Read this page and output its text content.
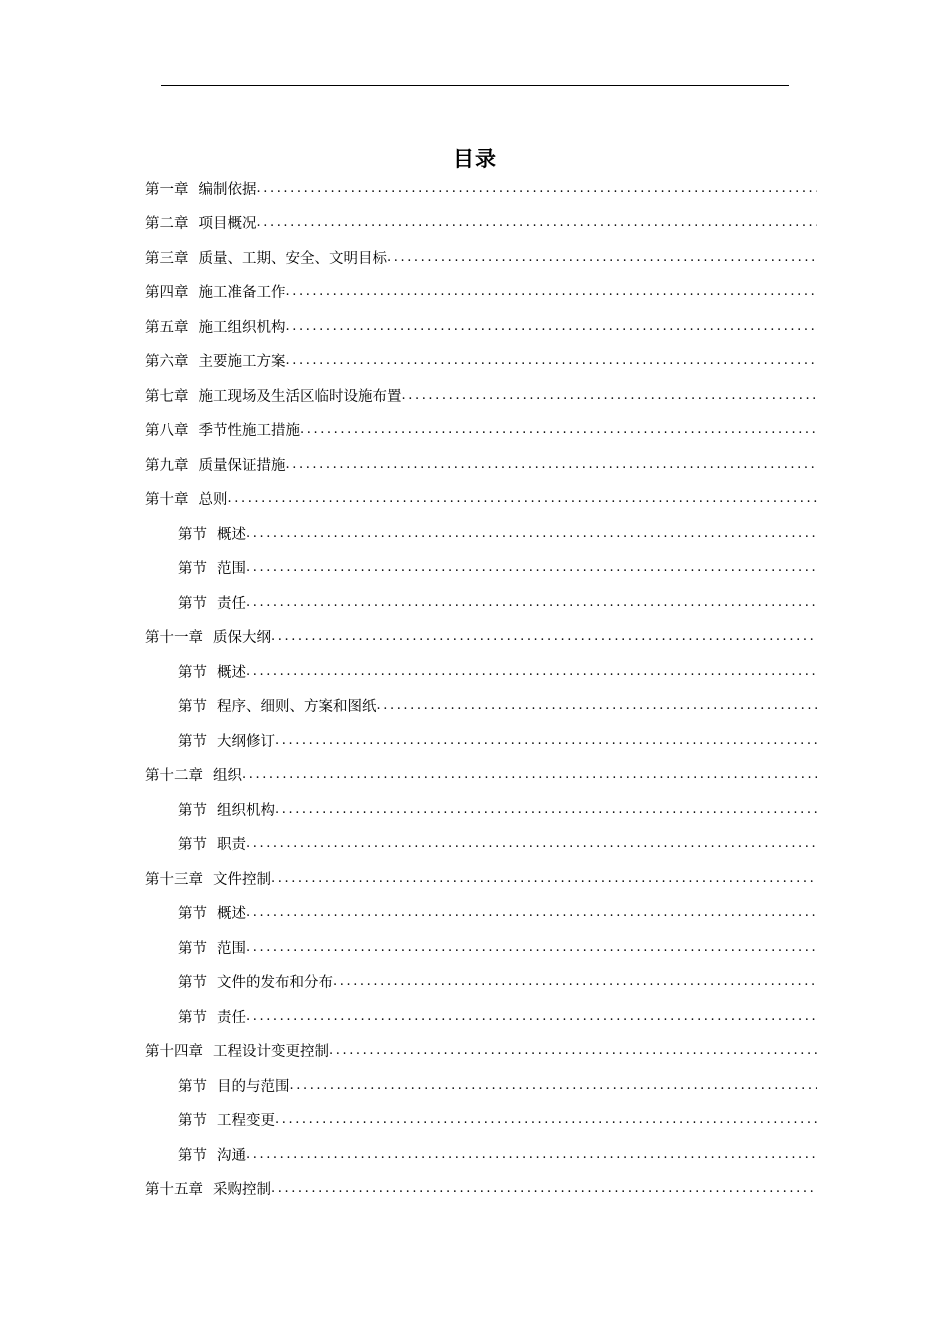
目录
第一章 编制依据
.....
第二章 项目概况
.....
第三章 质量、工期、安全、文明目标
.....
第四章 施工准备工作
.....
第五章 施工组织机构
.....
第六章 主要施工方案
.....
第七章 施工现场及生活区临时设施布置
.....
第八章 季节性施工措施
.....
第九章 质量保证措施
.....
第十章 总则
.....
第节 概述
.....
第节 范围
.....
第节 责任
.....
第十一章 质保大纲
.....
第节 概述
.....
第节 程序、细则、方案和图纸
.....
第节 大纲修订
.....
第十二章 组织
.....
第节 组织机构
.....
第节 职责
.....
第十三章 文件控制
.....
第节 概述
.....
第节 范围
.....
第节 文件的发布和分布
.....
第节 责任
.....
第十四章 工程设计变更控制
.....
第节 目的与范围
.....
第节 工程变更
.....
第节 沟通
.....
第十五章 采购控制
.....
